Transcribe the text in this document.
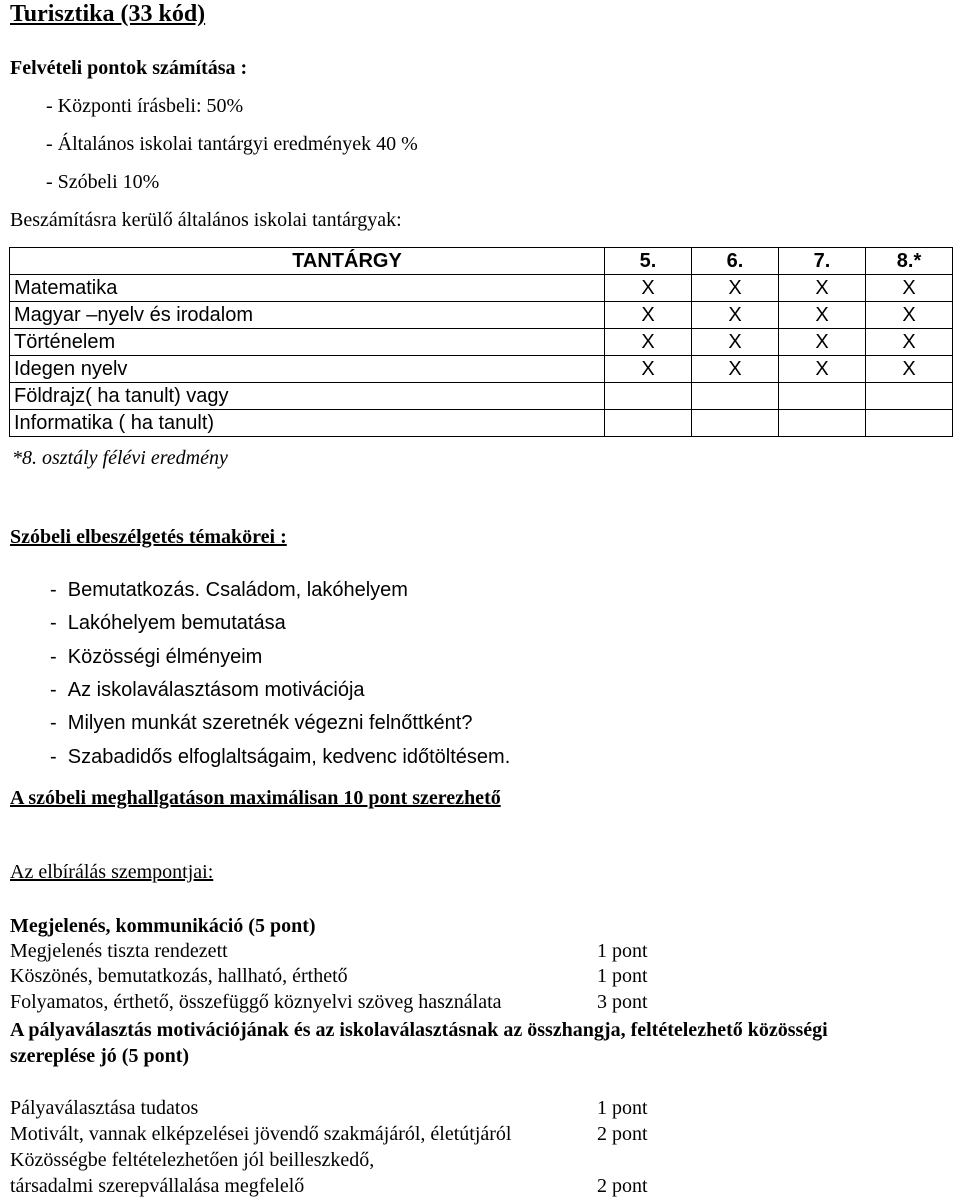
Turisztika (33 kód)
Felvételi pontok számítása :
- Központi írásbeli: 50%
- Általános iskolai tantárgyi eredmények 40 %
- Szóbeli 10%
Beszámításra kerülő általános iskolai tantárgyak:
TANTÁRGY	5.	6.	7.	8.*
Matematika	X	X	X	X
Magyar –nyelv és irodalom	X	X	X	X
Történelem	X	X	X	X
Idegen nyelv	X	X	X	X
Földrajz( ha tanult) vagy				
Informatika ( ha tanult)				
*8. osztály félévi eredmény
Szóbeli elbeszélgetés témakörei :
-  Bemutatkozás. Családom, lakóhelyem
-  Lakóhelyem bemutatása
-  Közösségi élményeim
-  Az iskolaválasztásom motivációja
-  Milyen munkát szeretnék végezni felnőttként?
-  Szabadidős elfoglaltságaim, kedvenc időtöltésem.
A szóbeli meghallgatáson maximálisan 10 pont szerezhető
Az elbírálás szempontjai:
Megjelenés, kommunikáció (5 pont)
Megjelenés tiszta rendezett	1 pont
Köszönés, bemutatkozás, hallható, érthető	1 pont
Folyamatos, érthető, összefüggő köznyelvi szöveg használata	3 pont
A pályaválasztás motivációjának és az iskolaválasztásnak az összhangja, feltételezhető közösségi
szereplése jó (5 pont)
Pályaválasztása tudatos	1 pont
Motivált, vannak elképzelései jövendő szakmájáról, életútjáról	2 pont
Közösségbe feltételezhetően jól beilleszkedő,
társadalmi szerepvállalása megfelelő	2 pont
